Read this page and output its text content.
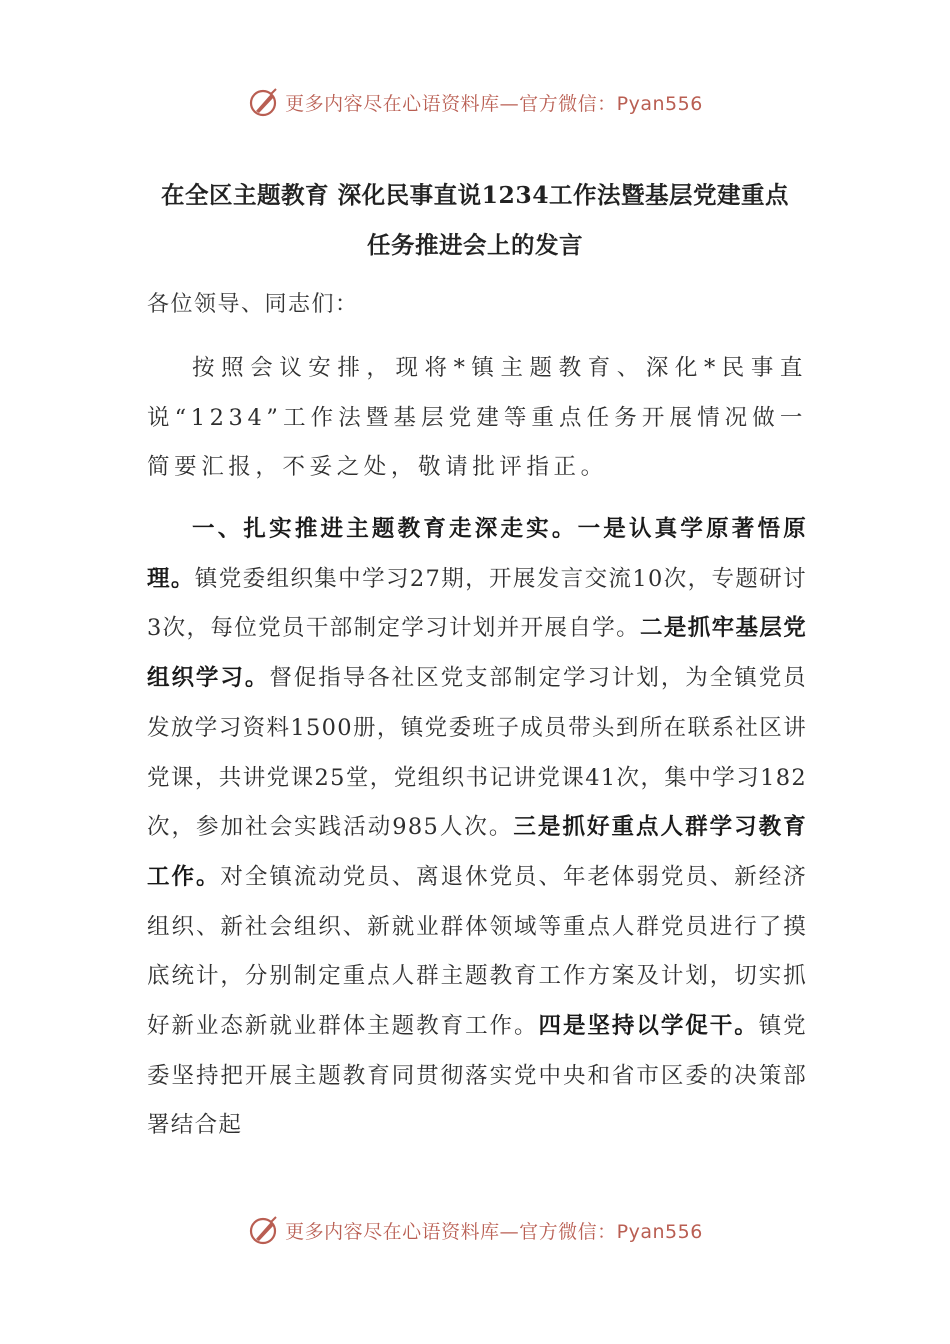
更多内容尽在心语资料库—官方微信：Pyan556
在全区主题教育 深化民事直说1234工作法暨基层党建重点
任务推进会上的发言
各位领导、同志们：
按照会议安排，现将*镇主题教育、深化*民事直说“1234”工作法暨基层党建等重点任务开展情况做一简要汇报，不妥之处，敬请批评指正。
一、扎实推进主题教育走深走实。一是认真学原著悟原理。镇党委组织集中学习27期，开展发言交流10次，专题研讨3次，每位党员干部制定学习计划并开展自学。二是抓牢基层党组织学习。督促指导各社区党支部制定学习计划，为全镇党员发放学习资料1500册，镇党委班子成员带头到所在联系社区讲党课，共讲党课25堂，党组织书记讲党课41次，集中学习182次，参加社会实践活动985人次。三是抓好重点人群学习教育工作。对全镇流动党员、离退休党员、年老体弱党员、新经济组织、新社会组织、新就业群体领域等重点人群党员进行了摸底统计，分别制定重点人群主题教育工作方案及计划，切实抓好新业态新就业群体主题教育工作。四是坚持以学促干。镇党委坚持把开展主题教育同贯彻落实党中央和省市区委的决策部署结合起
更多内容尽在心语资料库—官方微信：Pyan556
